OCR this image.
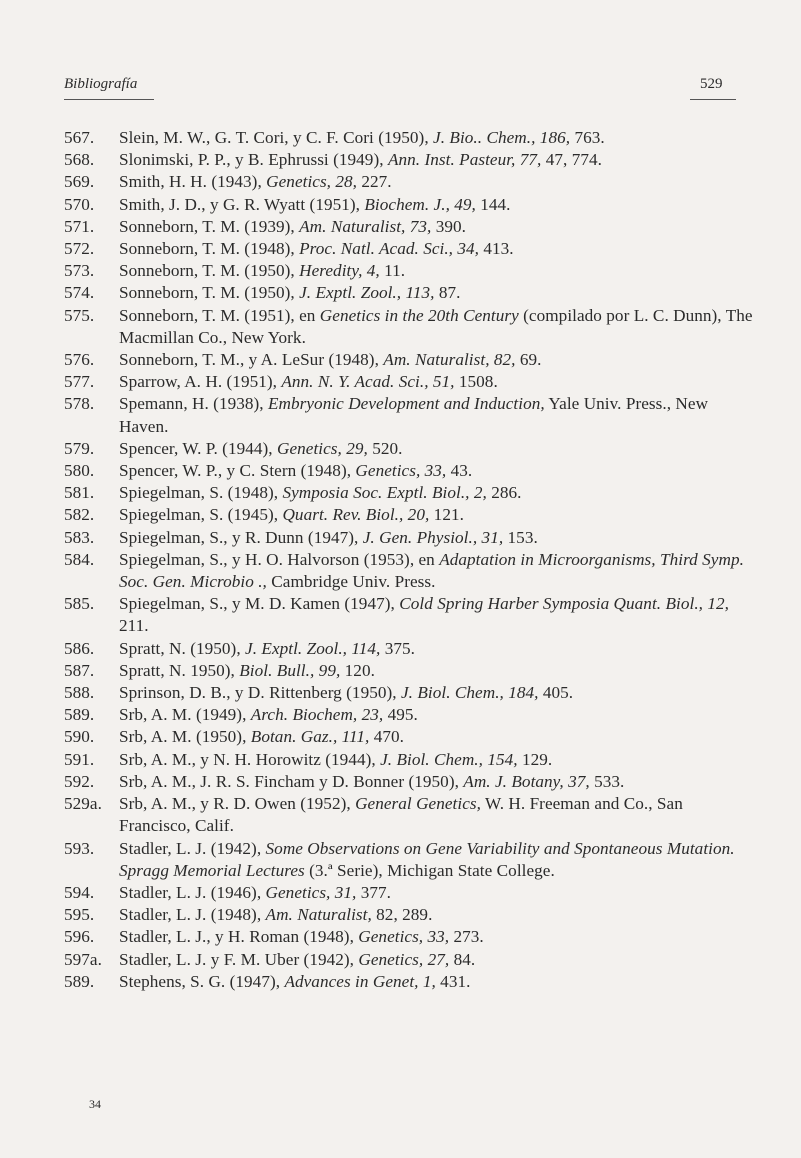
Bibliografía	529
567. Slein, M. W., G. T. Cori, y C. F. Cori (1950), J. Bio.. Chem., 186, 763.
568. Slonimski, P. P., y B. Ephrussi (1949), Ann. Inst. Pasteur, 77, 47, 774.
569. Smith, H. H. (1943), Genetics, 28, 227.
570. Smith, J. D., y G. R. Wyatt (1951), Biochem. J., 49, 144.
571. Sonneborn, T. M. (1939), Am. Naturalist, 73, 390.
572. Sonneborn, T. M. (1948), Proc. Natl. Acad. Sci., 34, 413.
573. Sonneborn, T. M. (1950), Heredity, 4, 11.
574. Sonneborn, T. M. (1950), J. Exptl. Zool., 113, 87.
575. Sonneborn, T. M. (1951), en Genetics in the 20th Century (compilado por L. C. Dunn), The Macmillan Co., New York.
576. Sonneborn, T. M., y A. LeSur (1948), Am. Naturalist, 82, 69.
577. Sparrow, A. H. (1951), Ann. N. Y. Acad. Sci., 51, 1508.
578. Spemann, H. (1938), Embryonic Development and Induction, Yale Univ. Press., New Haven.
579. Spencer, W. P. (1944), Genetics, 29, 520.
580. Spencer, W. P., y C. Stern (1948), Genetics, 33, 43.
581. Spiegelman, S. (1948), Symposia Soc. Exptl. Biol., 2, 286.
582. Spiegelman, S. (1945), Quart. Rev. Biol., 20, 121.
583. Spiegelman, S., y R. Dunn (1947), J. Gen. Physiol., 31, 153.
584. Spiegelman, S., y H. O. Halvorson (1953), en Adaptation in Microorganisms, Third Symp. Soc. Gen. Microbio ., Cambridge Univ. Press.
585. Spiegelman, S., y M. D. Kamen (1947), Cold Spring Harber Symposia Quant. Biol., 12, 211.
586. Spratt, N. (1950), J. Exptl. Zool., 114, 375.
587. Spratt, N. 1950), Biol. Bull., 99, 120.
588. Sprinson, D. B., y D. Rittenberg (1950), J. Biol. Chem., 184, 405.
589. Srb, A. M. (1949), Arch. Biochem, 23, 495.
590. Srb, A. M. (1950), Botan. Gaz., 111, 470.
591. Srb, A. M., y N. H. Horowitz (1944), J. Biol. Chem., 154, 129.
592. Srb, A. M., J. R. S. Fincham y D. Bonner (1950), Am. J. Botany, 37, 533.
529a. Srb, A. M., y R. D. Owen (1952), General Genetics, W. H. Freeman and Co., San Francisco, Calif.
593. Stadler, L. J. (1942), Some Observations on Gene Variability and Spontaneous Mutation. Spragg Memorial Lectures (3.ª Serie), Michigan State College.
594. Stadler, L. J. (1946), Genetics, 31, 377.
595. Stadler, L. J. (1948), Am. Naturalist, 82, 289.
596. Stadler, L. J., y H. Roman (1948), Genetics, 33, 273.
597a. Stadler, L. J. y F. M. Uber (1942), Genetics, 27, 84.
589. Stephens, S. G. (1947), Advances in Genet, 1, 431.
34
